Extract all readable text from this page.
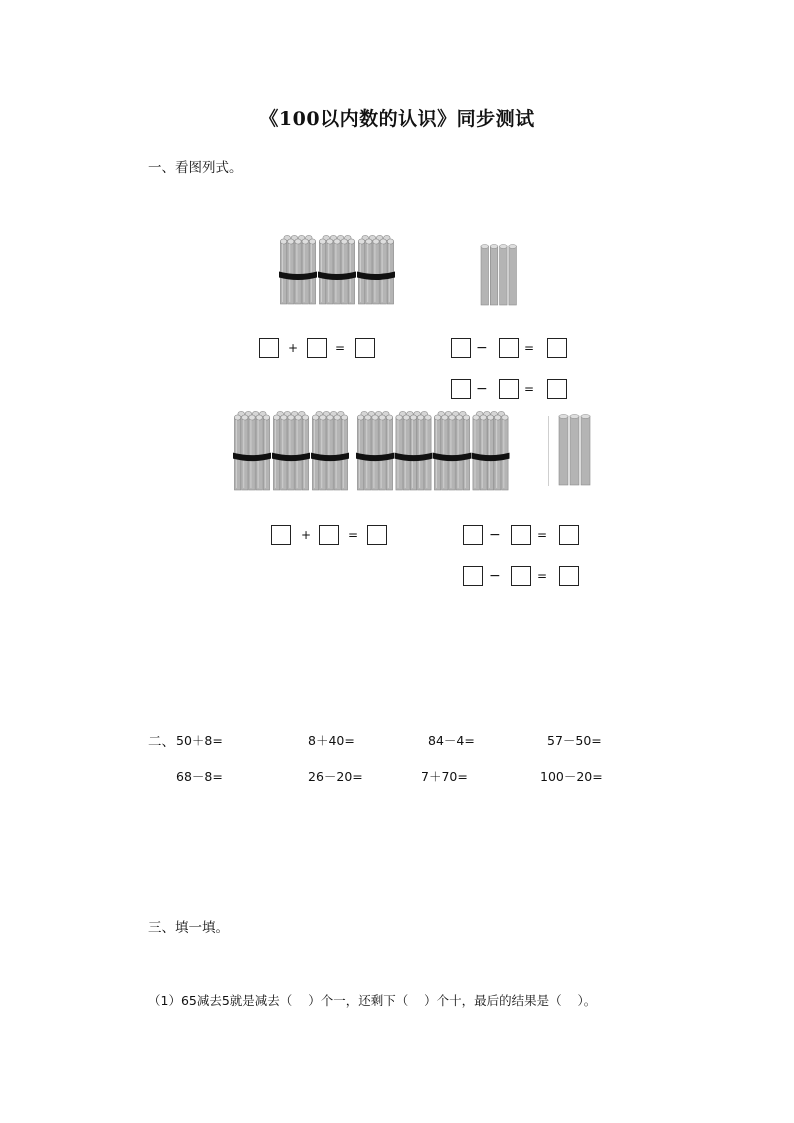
《100以内数的认识》同步测试
一、看图列式。
+	=	−	=
−	=
+	=	−	=
−	=
二、 50＋8=	8＋40=	84－4=	57－50=
68－8=	26－20=	7＋70=	100－20=
三、填一填。
（1）65减去5就是减去（    ）个一，还剩下（    ）个十，最后的结果是（    ）。
